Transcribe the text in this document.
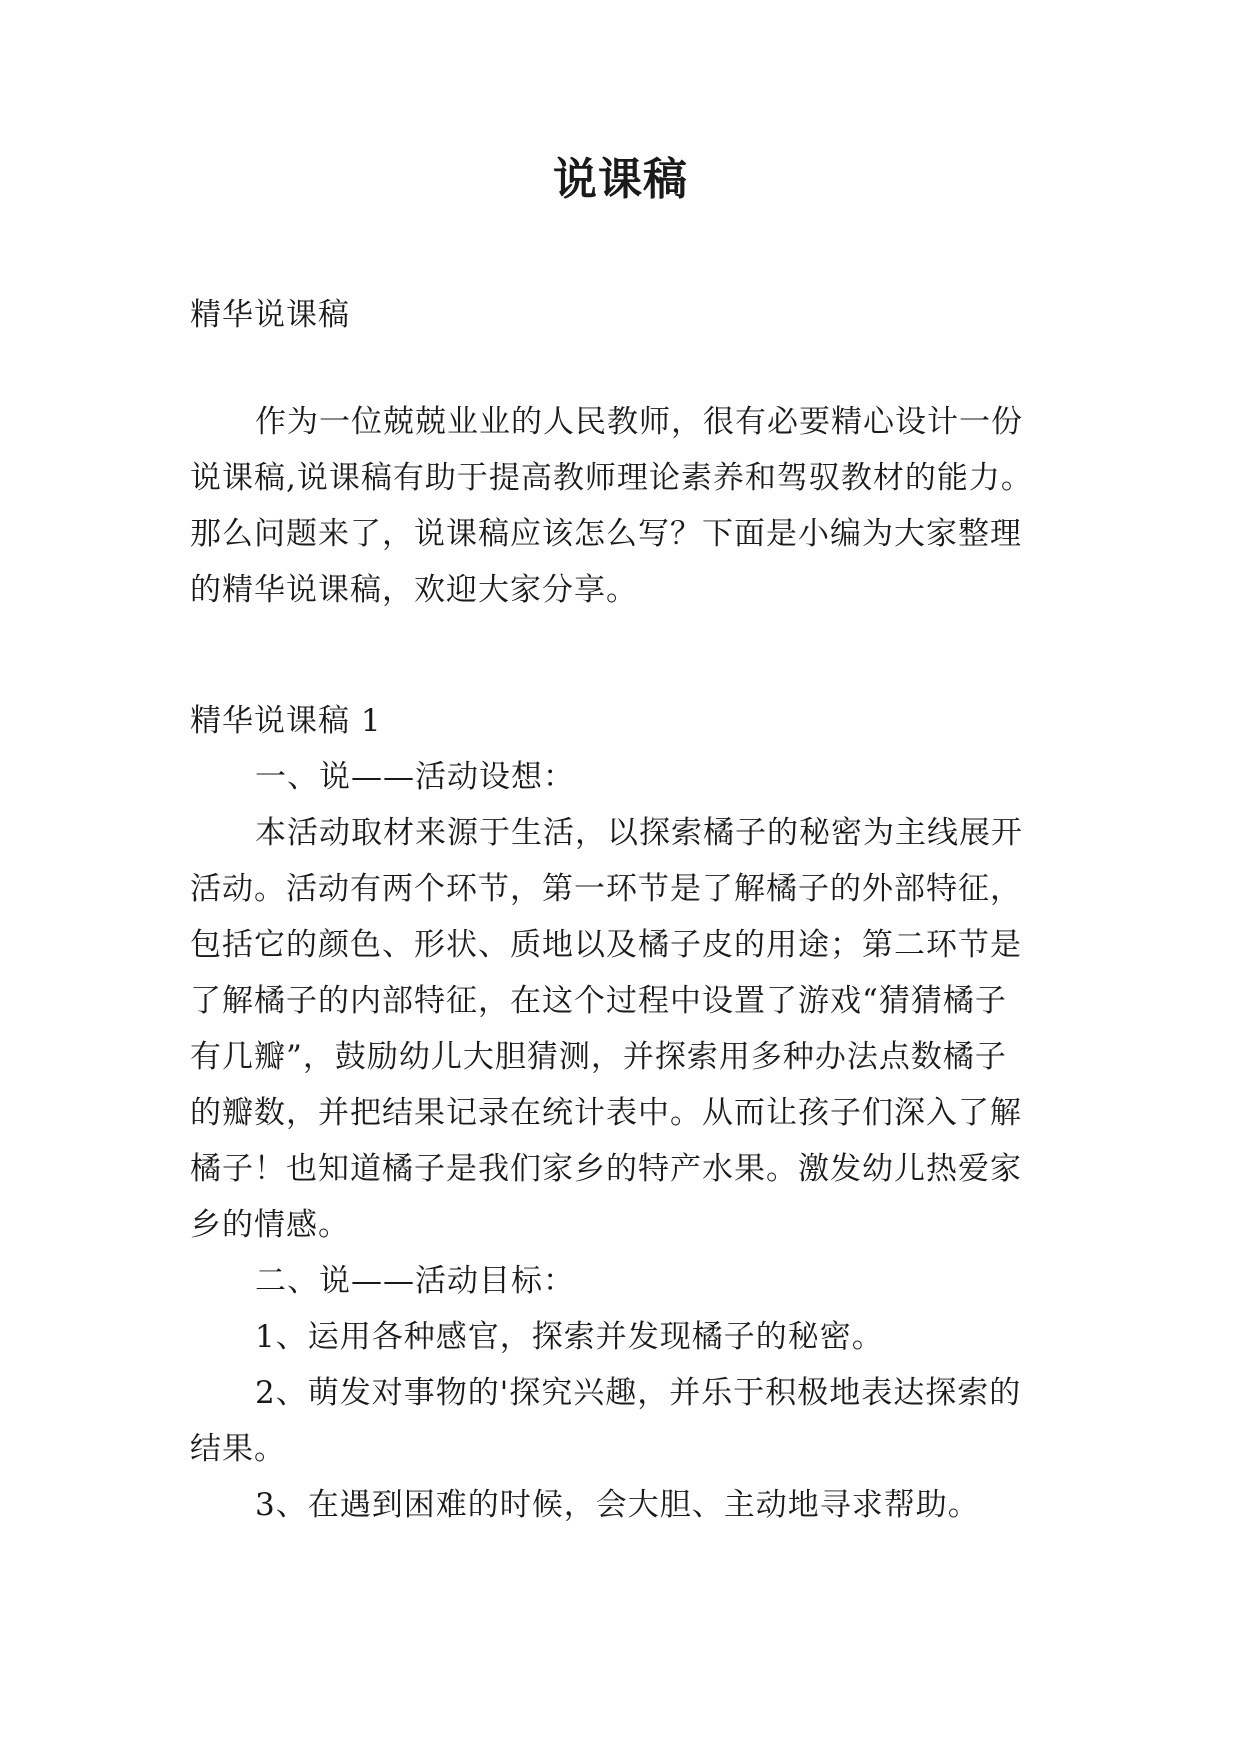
说课稿
精华说课稿
作为一位兢兢业业的人民教师，很有必要精心设计一份
说课稿,说课稿有助于提高教师理论素养和驾驭教材的能力。
那么问题来了，说课稿应该怎么写？下面是小编为大家整理
的精华说课稿，欢迎大家分享。
精华说课稿 1
一、说——活动设想：
本活动取材来源于生活，以探索橘子的秘密为主线展开
活动。活动有两个环节，第一环节是了解橘子的外部特征，
包括它的颜色、形状、质地以及橘子皮的用途；第二环节是
了解橘子的内部特征，在这个过程中设置了游戏“猜猜橘子
有几瓣”，鼓励幼儿大胆猜测，并探索用多种办法点数橘子
的瓣数，并把结果记录在统计表中。从而让孩子们深入了解
橘子！也知道橘子是我们家乡的特产水果。激发幼儿热爱家
乡的情感。
二、说——活动目标：
1、运用各种感官，探索并发现橘子的秘密。
2、萌发对事物的'探究兴趣，并乐于积极地表达探索的
结果。
3、在遇到困难的时候，会大胆、主动地寻求帮助。
